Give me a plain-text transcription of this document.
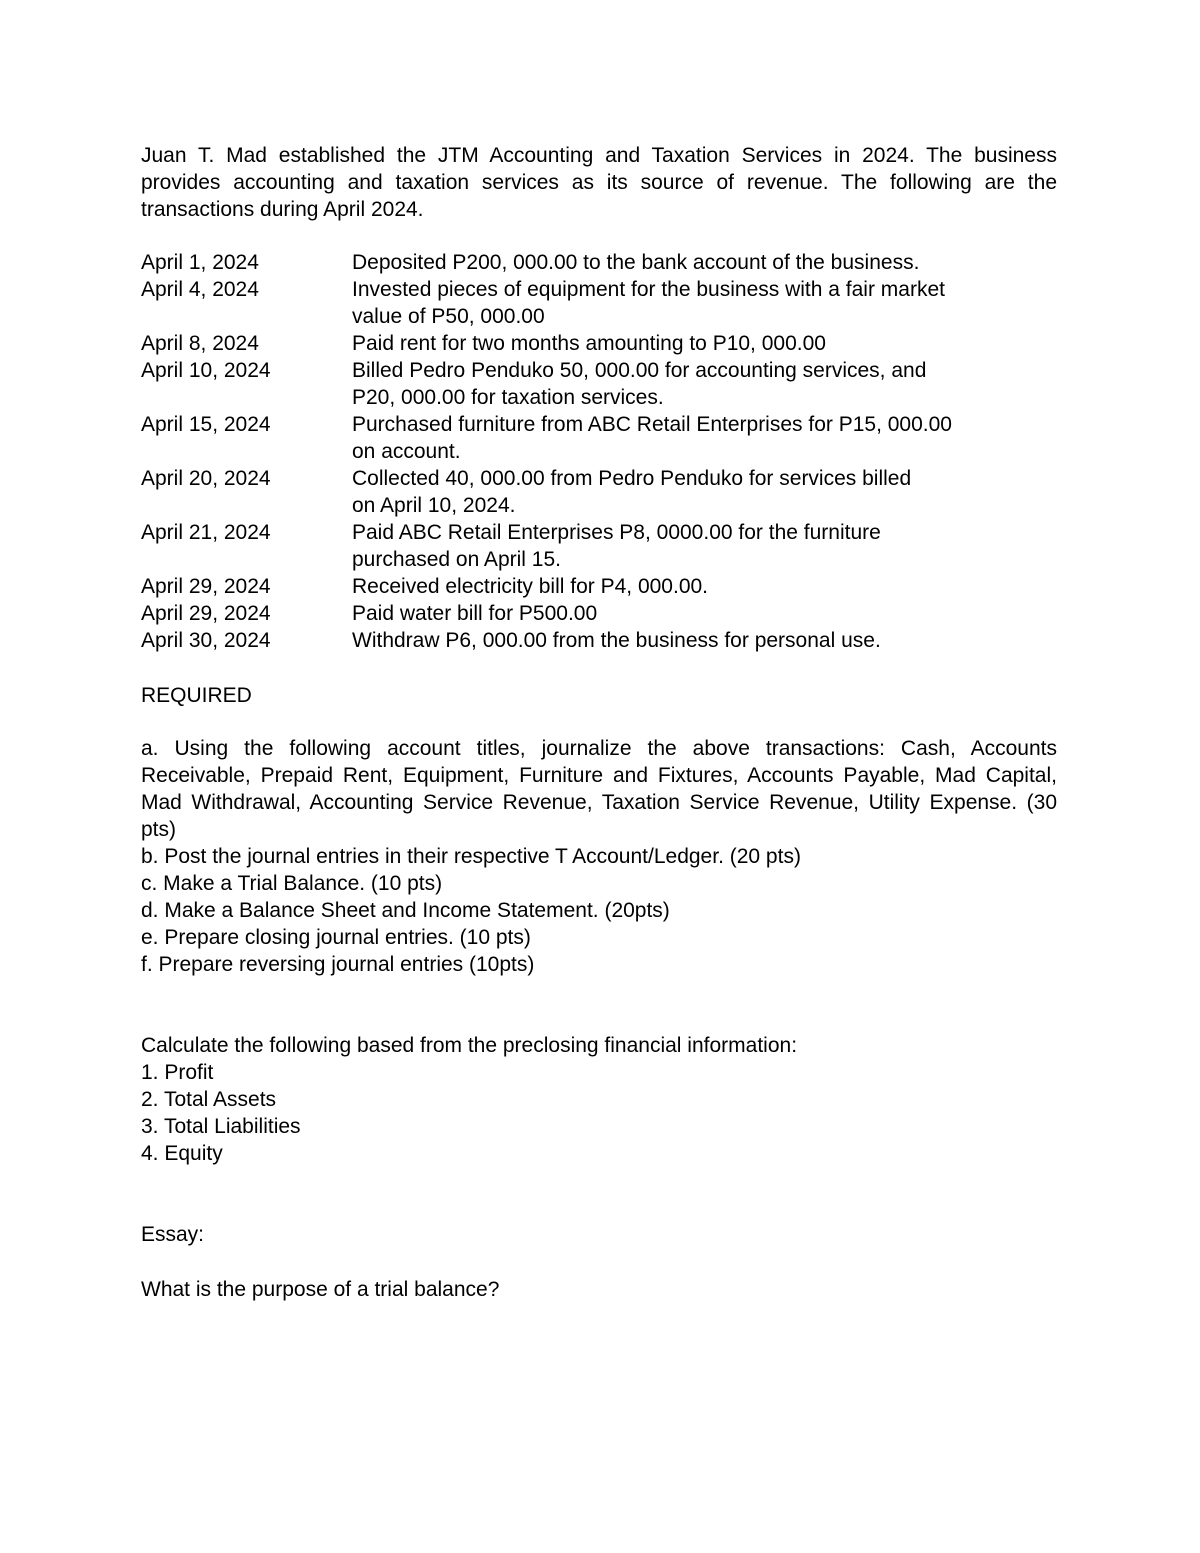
Juan T. Mad established the JTM Accounting and Taxation Services in 2024. The business provides accounting and taxation services as its source of revenue. The following are the transactions during April 2024.

April 1, 2024	Deposited P200, 000.00 to the bank account of the business.

April 4, 2024	Invested pieces of equipment for the business with a fair market
value of P50, 000.00

April 8, 2024	Paid rent for two months amounting to P10, 000.00

April 10, 2024	Billed Pedro Penduko 50, 000.00 for accounting services, and
P20, 000.00 for taxation services.

April 15, 2024	Purchased furniture from ABC Retail Enterprises for P15, 000.00
on account.

April 20, 2024	Collected 40, 000.00 from Pedro Penduko for services billed
on April 10, 2024.

April 21, 2024	Paid ABC Retail Enterprises P8, 0000.00 for the furniture
purchased on April 15.

April 29, 2024	Received electricity bill for P4, 000.00.

April 29, 2024	Paid water bill for P500.00

April 30, 2024	Withdraw P6, 000.00 from the business for personal use.
REQUIRED

a. Using the following account titles, journalize the above transactions: Cash, Accounts Receivable, Prepaid Rent, Equipment, Furniture and Fixtures, Accounts Payable, Mad Capital, Mad Withdrawal, Accounting Service Revenue, Taxation Service Revenue, Utility Expense. (30 pts)

b. Post the journal entries in their respective T Account/Ledger. (20 pts)

c. Make a Trial Balance. (10 pts)

d. Make a Balance Sheet and Income Statement. (20pts)

e. Prepare closing journal entries. (10 pts)

f. Prepare reversing journal entries (10pts)

Calculate the following based from the preclosing financial information:
1. Profit
2. Total Assets
3. Total Liabilities
4. Equity
Essay:
What is the purpose of a trial balance?
